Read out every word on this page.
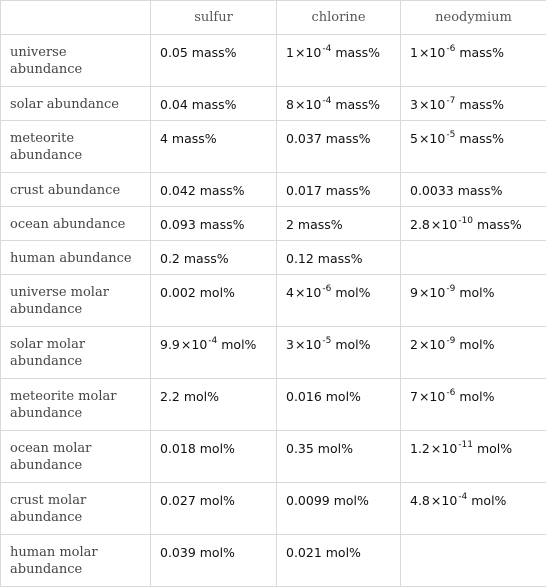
	sulfur	chlorine	neodymium
universe abundance	0.05 mass%	$1\times 10^{-4}$ mass%	$1\times 10^{-6}$ mass%
solar abundance	0.04 mass%	$8\times 10^{-4}$ mass%	$3\times 10^{-7}$ mass%
meteorite abundance	4 mass%	0.037 mass%	$5\times 10^{-5}$ mass%
crust abundance	0.042 mass%	0.017 mass%	0.0033 mass%
ocean abundance	0.093 mass%	2 mass%	$2.8\times 10^{-10}$ mass%
human abundance	0.2 mass%	0.12 mass%	
universe molar abundance	0.002 mol%	$4\times 10^{-6}$ mol%	$9\times 10^{-9}$ mol%
solar molar abundance	$9.9\times 10^{-4}$ mol%	$3\times 10^{-5}$ mol%	$2\times 10^{-9}$ mol%
meteorite molar abundance	2.2 mol%	0.016 mol%	$7\times 10^{-6}$ mol%
ocean molar abundance	0.018 mol%	0.35 mol%	$1.2\times 10^{-11}$ mol%
crust molar abundance	0.027 mol%	0.0099 mol%	$4.8\times 10^{-4}$ mol%
human molar abundance	0.039 mol%	0.021 mol%	
